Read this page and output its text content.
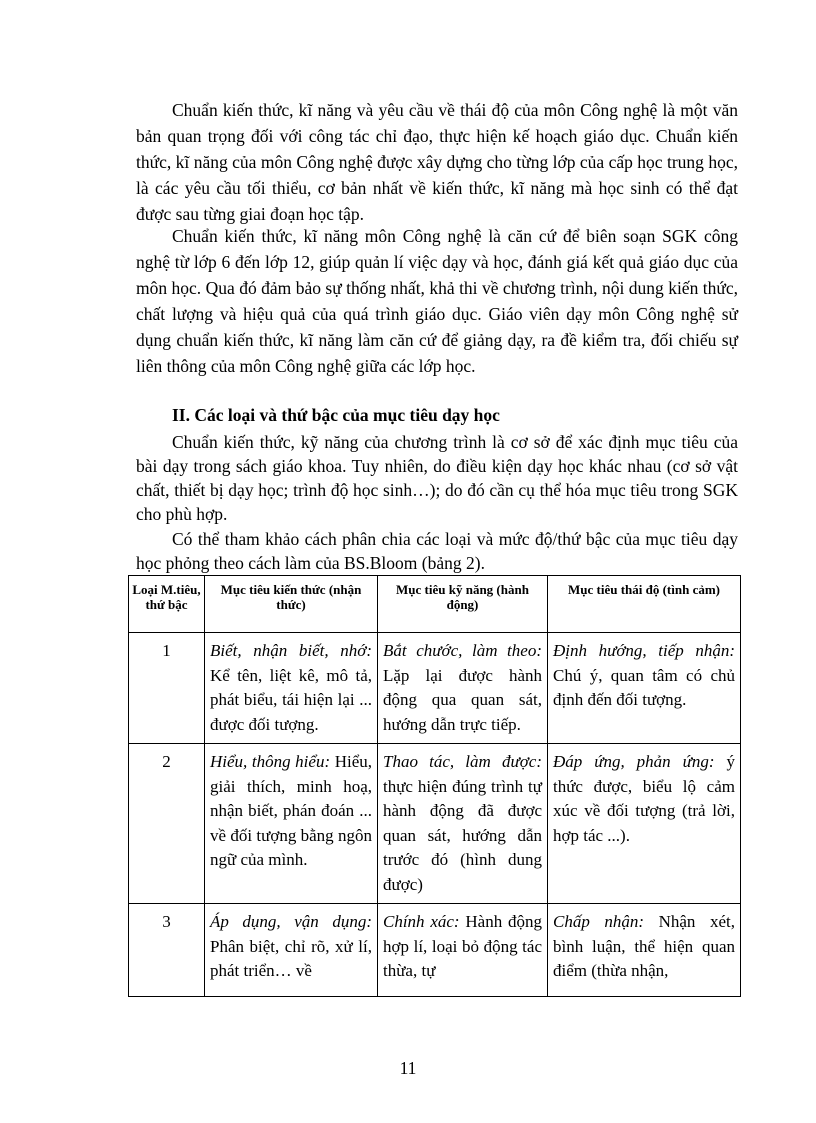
Chuẩn kiến thức, kĩ năng và yêu cầu về thái độ của môn Công nghệ là một văn bản quan trọng đối với công tác chỉ đạo, thực hiện kế hoạch giáo dục. Chuẩn kiến thức, kĩ năng của môn Công nghệ được xây dựng cho từng lớp của cấp học trung học, là các yêu cầu tối thiểu, cơ bản nhất về kiến thức, kĩ năng mà học sinh có thể đạt được sau từng giai đoạn học tập.

Chuẩn kiến thức, kĩ năng môn Công nghệ là căn cứ để biên soạn SGK công nghệ từ lớp 6 đến lớp 12, giúp quản lí việc dạy và học, đánh giá kết quả giáo dục của môn học. Qua đó đảm bảo sự thống nhất, khả thi về chương trình, nội dung kiến thức, chất lượng và hiệu quả của quá trình giáo dục. Giáo viên dạy môn Công nghệ sử dụng chuẩn kiến thức, kĩ năng làm căn cứ để giảng dạy, ra đề kiểm tra, đối chiếu sự liên thông của môn Công nghệ giữa các lớp học.

II. Các loại và thứ bậc của mục tiêu dạy học

Chuẩn kiến thức, kỹ năng của chương trình là cơ sở để xác định mục tiêu của bài dạy trong sách giáo khoa. Tuy nhiên, do điều kiện dạy học khác nhau (cơ sở vật chất, thiết bị dạy học; trình độ học sinh…); do đó cần cụ thể hóa mục tiêu trong SGK cho phù hợp.

Có thể tham khảo cách phân chia các loại và mức độ/thứ bậc của mục tiêu dạy học phỏng theo cách làm của BS.Bloom (bảng 2).

Loại M.tiêu, thứ bậc	Mục tiêu kiến thức (nhận thức)	Mục tiêu kỹ năng (hành động)	Mục tiêu thái độ (tình cảm)
1	Biết, nhận biết, nhớ: Kể tên, liệt kê, mô tả, phát biểu, tái hiện lại ... được đối tượng.	Bắt chước, làm theo: Lặp lại được hành động qua quan sát, hướng dẫn trực tiếp.	Định hướng, tiếp nhận: Chú ý, quan tâm có chủ định đến đối tượng.
2	Hiểu, thông hiểu: Hiểu, giải thích, minh hoạ, nhận biết, phán đoán ... về đối tượng bằng ngôn ngữ của mình.	Thao tác, làm được: thực hiện đúng trình tự hành động đã được quan sát, hướng dẫn trước đó (hình dung được)	Đáp ứng, phản ứng: ý thức được, biểu lộ cảm xúc về đối tượng (trả lời, hợp tác ...).
3	Áp dụng, vận dụng: Phân biệt, chỉ rõ, xử lí, phát triển… về	Chính xác: Hành động hợp lí, loại bỏ động tác thừa, tự	Chấp nhận: Nhận xét, bình luận, thể hiện quan điểm (thừa nhận,
11
